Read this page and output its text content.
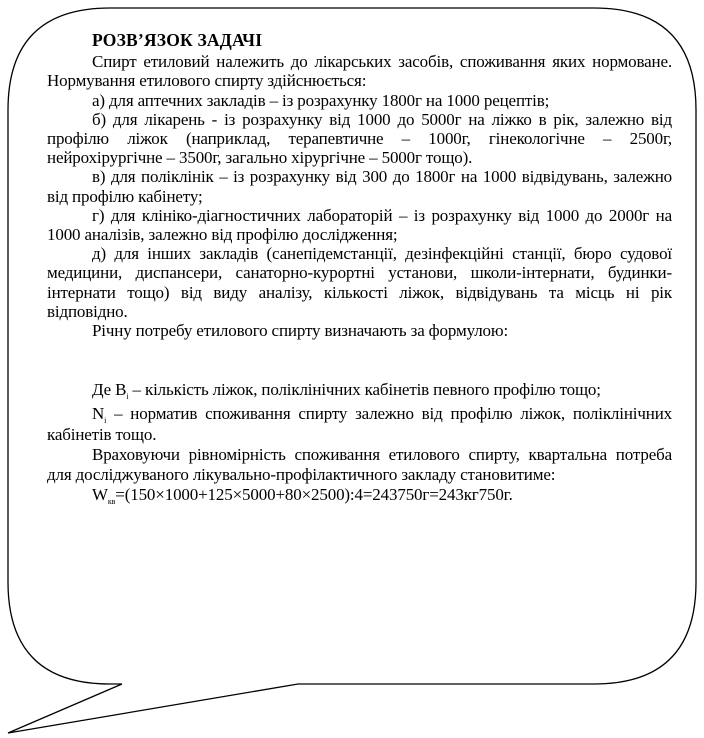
РОЗВ’ЯЗОК ЗАДАЧІ

Спирт етиловий належить до лікарських засобів, споживання яких нормоване. Нормування етилового спирту здійснюється:

а) для аптечних закладів – із розрахунку 1800г на 1000 рецептів;

б) для лікарень - із розрахунку від 1000 до 5000г на ліжко в рік, залежно від профілю ліжок (наприклад, терапевтичне – 1000г, гінекологічне – 2500г, нейрохірургічне – 3500г, загально хірургічне – 5000г тощо).

в) для поліклінік – із розрахунку від 300 до 1800г на 1000 відвідувань, залежно від профілю кабінету;

г) для клініко-діагностичних лабораторій – із розрахунку від 1000 до 2000г на 1000 аналізів, залежно від профілю дослідження;

д) для інших закладів (санепідемстанції, дезінфекційні станції, бюро судової медицини, диспансери, санаторно-курортні установи, школи-інтернати, будинки-інтернати тощо) від виду аналізу, кількості ліжок, відвідувань та місць ні рік відповідно.

Річну потребу етилового спирту визначають за формулою:

Де $В_і$ – кількість ліжок, поліклінічних кабінетів певного профілю тощо;

$N_і$ – норматив споживання спирту залежно від профілю ліжок, поліклінічних кабінетів тощо.

Враховуючи рівномірність споживання етилового спирту, квартальна потреба для досліджуваного лікувально-профілактичного закладу становитиме:

$W_{кв}=(150\times 1000+125\times 5000+80\times 2500):4=243750г=243кг750г$.
